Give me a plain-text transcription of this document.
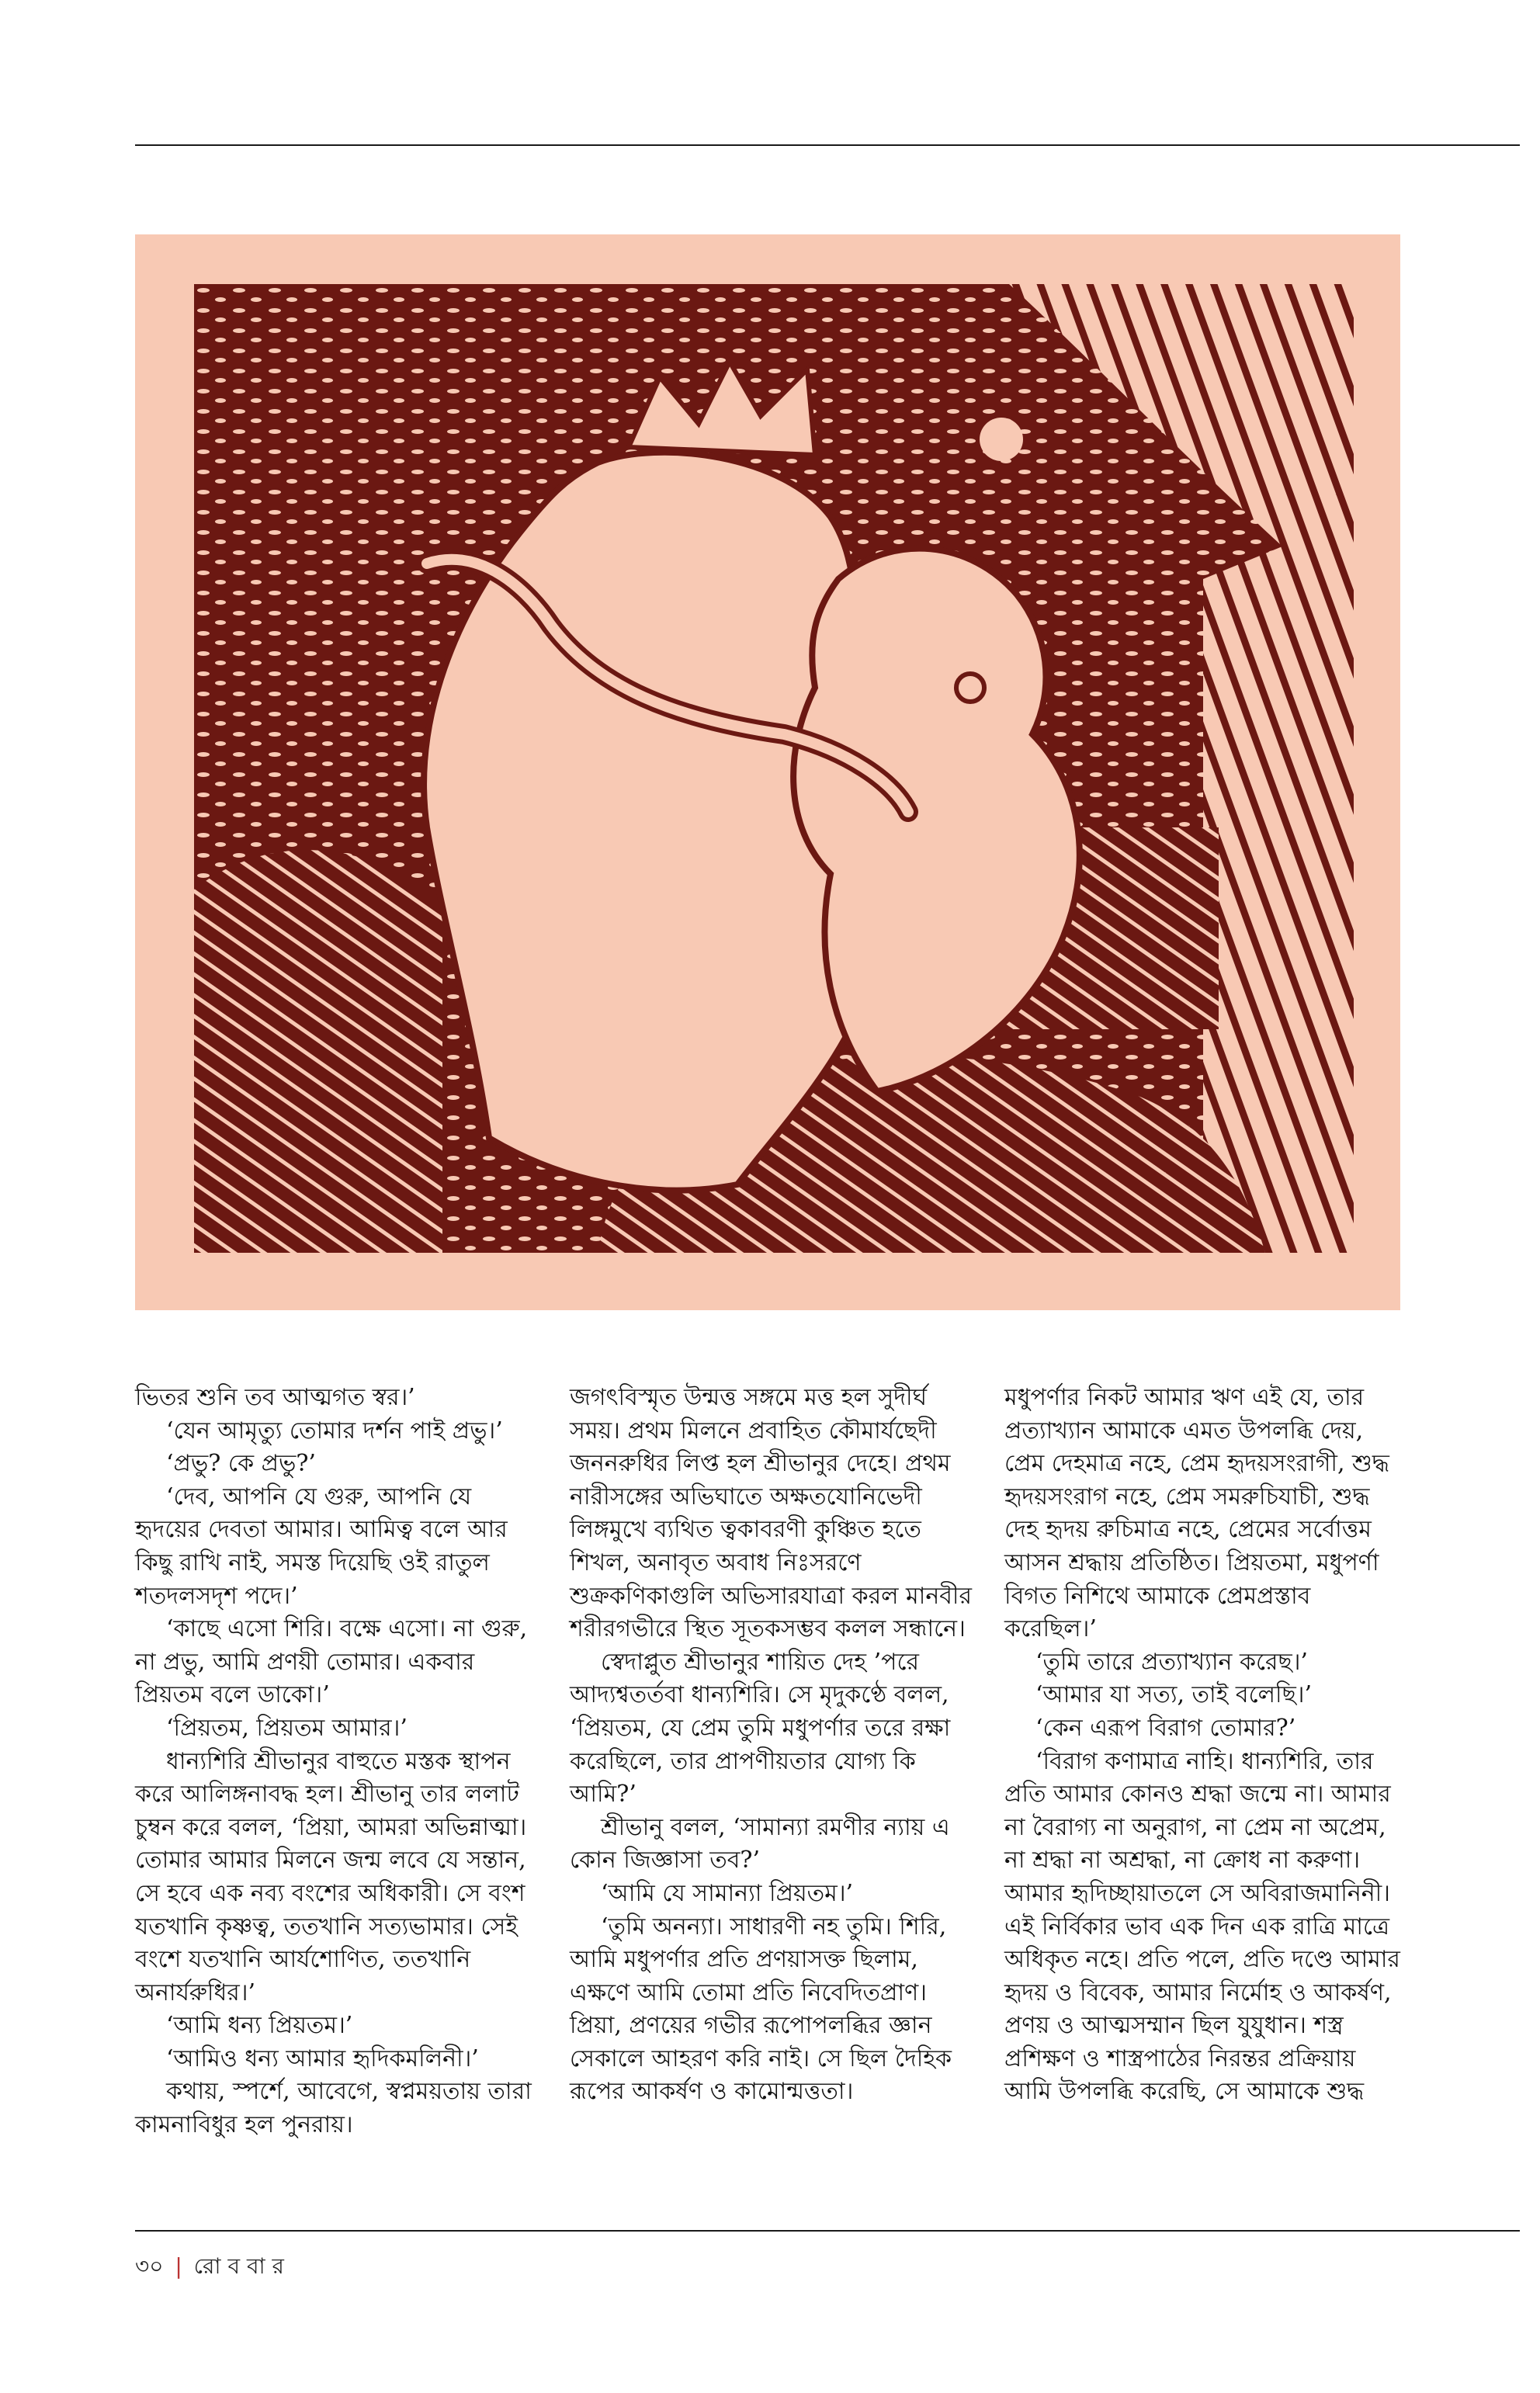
ভিতর শুনি তব আত্মগত স্বর।’

‘যেন আমৃত্যু তোমার দর্শন পাই প্রভু।’

‘প্রভু? কে প্রভু?’

‘দেব, আপনি যে গুরু, আপনি যে হৃদয়ের দেবতা আমার। আমিত্ব বলে আর কিছু রাখি নাই, সমস্ত দিয়েছি ওই রাতুল শতদলসদৃশ পদে।’

‘কাছে এসো শিরি। বক্ষে এসো। না গুরু, না প্রভু, আমি প্রণয়ী তোমার। একবার প্রিয়তম বলে ডাকো।’

‘প্রিয়তম, প্রিয়তম আমার।’

ধান্যশিরি শ্রীভানুর বাহুতে মস্তক স্থাপন করে আলিঙ্গনাবদ্ধ হল। শ্রীভানু তার ললাট চুম্বন করে বলল, ‘প্রিয়া, আমরা অভিন্নাত্মা। তোমার আমার মিলনে জন্ম লবে যে সন্তান, সে হবে এক নব্য বংশের অধিকারী। সে বংশ যতখানি কৃষ্ণত্ব, ততখানি সত্যভামার। সেই বংশে যতখানি আর্যশোণিত, ততখানি অনার্যরুধির।’

‘আমি ধন্য প্রিয়তম।’

‘আমিও ধন্য আমার হৃদিকমলিনী।’

কথায়, স্পর্শে, আবেগে, স্বপ্নময়তায় তারা কামনাবিধুর হল পুনরায়।

জগৎবিস্মৃত উন্মত্ত সঙ্গমে মত্ত হল সুদীর্ঘ সময়। প্রথম মিলনে প্রবাহিত কৌমার্যছেদী জননরুধির লিপ্ত হল শ্রীভানুর দেহে। প্রথম নারীসঙ্গের অভিঘাতে অক্ষতযোনিভেদী লিঙ্গমুখে ব্যথিত ত্বকাবরণী কুঞ্চিত হতে শিখল, অনাবৃত অবাধ নিঃসরণে শুক্রকণিকাগুলি অভিসারযাত্রা করল মানবীর শরীরগভীরে স্থিত সূতকসম্ভব কলল সন্ধানে।

স্বেদাপ্লুত শ্রীভানুর শায়িত দেহ ’পরে আদ্যশ্বতর্তবা ধান্যশিরি। সে মৃদুকণ্ঠে বলল, ‘প্রিয়তম, যে প্রেম তুমি মধুপর্ণার তরে রক্ষা করেছিলে, তার প্রাপণীয়তার যোগ্য কি আমি?’

শ্রীভানু বলল, ‘সামান্যা রমণীর ন্যায় এ কোন জিজ্ঞাসা তব?’

‘আমি যে সামান্যা প্রিয়তম।’

‘তুমি অনন্যা। সাধারণী নহ তুমি। শিরি, আমি মধুপর্ণার প্রতি প্রণয়াসক্ত ছিলাম, এক্ষণে আমি তোমা প্রতি নিবেদিতপ্রাণ। প্রিয়া, প্রণয়ের গভীর রূপোপলব্ধির জ্ঞান সেকালে আহরণ করি নাই। সে ছিল দৈহিক রূপের আকর্ষণ ও কামোন্মত্ততা।

মধুপর্ণার নিকট আমার ঋণ এই যে, তার প্রত্যাখ্যান আমাকে এমত উপলব্ধি দেয়, প্রেম দেহমাত্র নহে, প্রেম হৃদয়সংরাগী, শুদ্ধ হৃদয়সংরাগ নহে, প্রেম সমরুচিযাচী, শুদ্ধ দেহ হৃদয় রুচিমাত্র নহে, প্রেমের সর্বোত্তম আসন শ্রদ্ধায় প্রতিষ্ঠিত। প্রিয়তমা, মধুপর্ণা বিগত নিশিথে আমাকে প্রেমপ্রস্তাব করেছিল।’

‘তুমি তারে প্রত্যাখ্যান করেছ।’

‘আমার যা সত্য, তাই বলেছি।’

‘কেন এরূপ বিরাগ তোমার?’

‘বিরাগ কণামাত্র নাহি। ধান্যশিরি, তার প্রতি আমার কোনও শ্রদ্ধা জন্মে না। আমার না বৈরাগ্য না অনুরাগ, না প্রেম না অপ্রেম, না শ্রদ্ধা না অশ্রদ্ধা, না ক্রোধ না করুণা। আমার হৃদিচ্ছায়াতলে সে অবিরাজমানিনী। এই নির্বিকার ভাব এক দিন এক রাত্রি মাত্রে অধিকৃত নহে। প্রতি পলে, প্রতি দণ্ডে আমার হৃদয় ও বিবেক, আমার নির্মোহ ও আকর্ষণ, প্রণয় ও আত্মসম্মান ছিল যুযুধান। শস্ত্র প্রশিক্ষণ ও শাস্ত্রপাঠের নিরন্তর প্রক্রিয়ায় আমি উপলব্ধি করেছি, সে আমাকে শুদ্ধ

৩০ | রো ব বা র
